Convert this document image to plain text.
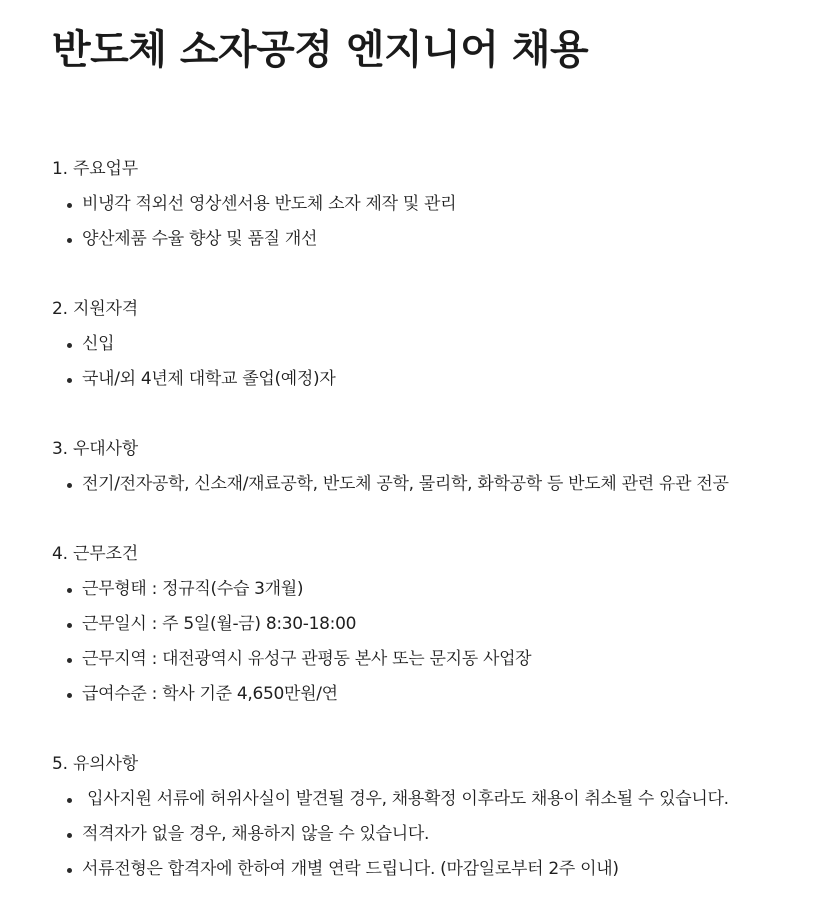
반도체 소자공정 엔지니어 채용
1. 주요업무
비냉각 적외선 영상센서용 반도체 소자 제작 및 관리
양산제품 수율 향상 및 품질 개선
2. 지원자격
신입
국내/외 4년제 대학교 졸업(예정)자
3. 우대사항
전기/전자공학, 신소재/재료공학, 반도체 공학, 물리학, 화학공학 등 반도체 관련 유관 전공
4. 근무조건
근무형태 : 정규직(수습 3개월)
근무일시 : 주 5일(월-금) 8:30-18:00
근무지역 : 대전광역시 유성구 관평동 본사 또는 문지동 사업장
급여수준 : 학사 기준 4,650만원/연
5. 유의사항
입사지원 서류에 허위사실이 발견될 경우, 채용확정 이후라도 채용이 취소될 수 있습니다.
적격자가 없을 경우, 채용하지 않을 수 있습니다.
서류전형은 합격자에 한하여 개별 연락 드립니다. (마감일로부터 2주 이내)
